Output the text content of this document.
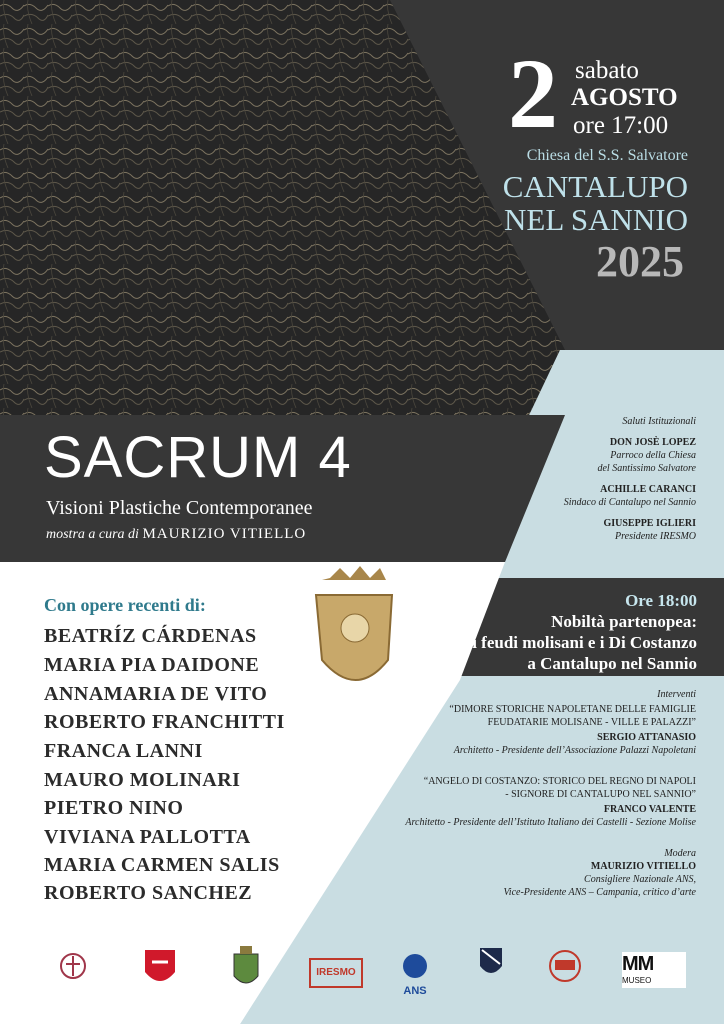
2 sabato
AGOSTO
ore 17:00
Chiesa del S.S. Salvatore
CANTALUPO
NEL SANNIO
2025
SACRUM 4
Visioni Plastiche Contemporanee
mostra a cura di MAURIZIO VITIELLO
Saluti Istituzionali
DON JOSÈ LOPEZ
Parroco della Chiesa
del Santissimo Salvatore
ACHILLE CARANCI
Sindaco di Cantalupo nel Sannio
GIUSEPPE IGLIERI
Presidente IRESMO
Con opere recenti di:
BEATRÍZ CÁRDENAS
MARIA PIA DAIDONE
ANNAMARIA DE VITO
ROBERTO FRANCHITTI
FRANCA LANNI
MAURO MOLINARI
PIETRO NINO
VIVIANA PALLOTTA
MARIA CARMEN SALIS
ROBERTO SANCHEZ
Ore 18:00
Nobiltà partenopea:
i feudi molisani e i Di Costanzo
a Cantalupo nel Sannio
Interventi
“DIMORE STORICHE NAPOLETANE DELLE FAMIGLIE
FEUDATARIE MOLISANE - VILLE E PALAZZI”
SERGIO ATTANASIO
Architetto - Presidente dell’Associazione Palazzi Napoletani
“ANGELO DI COSTANZO: STORICO DEL REGNO DI NAPOLI
- SIGNORE DI CANTALUPO NEL SANNIO”
FRANCO VALENTE
Architetto - Presidente dell’Istituto Italiano dei Castelli - Sezione Molise
Modera
MAURIZIO VITIELLO
Consigliere Nazionale ANS,
Vice-Presidente ANS – Campania, critico d’arte
IRESMO
ANS
MM
MUSEO
